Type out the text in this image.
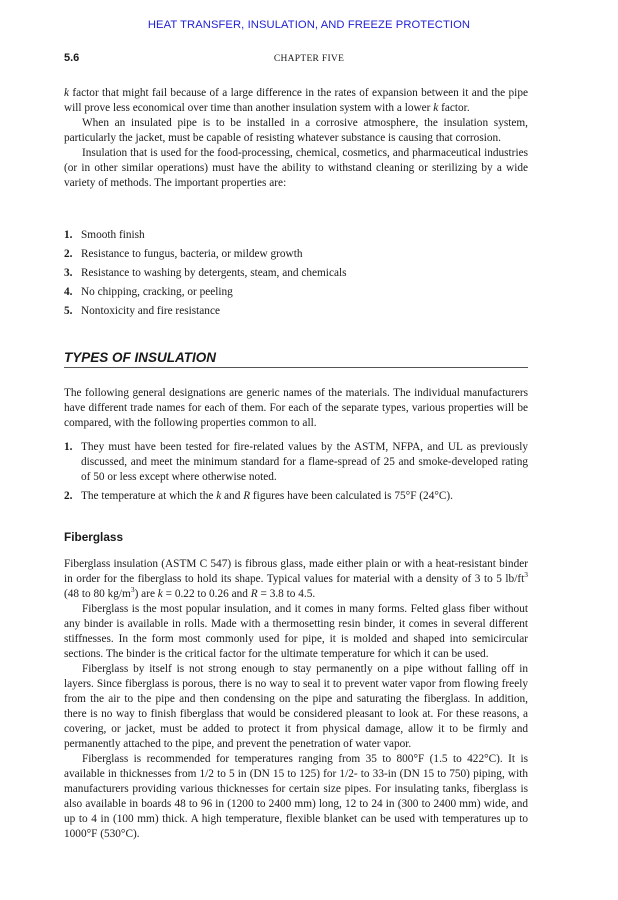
HEAT TRANSFER, INSULATION, AND FREEZE PROTECTION
5.6	CHAPTER FIVE

k factor that might fail because of a large difference in the rates of expansion between it and the pipe will prove less economical over time than another insulation system with a lower k factor.

When an insulated pipe is to be installed in a corrosive atmosphere, the insulation system, particularly the jacket, must be capable of resisting whatever substance is causing that corrosion.

Insulation that is used for the food-processing, chemical, cosmetics, and pharmaceutical industries (or in other similar operations) must have the ability to withstand cleaning or sterilizing by a wide variety of methods. The important properties are:

1. Smooth finish
2. Resistance to fungus, bacteria, or mildew growth
3. Resistance to washing by detergents, steam, and chemicals
4. No chipping, cracking, or peeling
5. Nontoxicity and fire resistance
TYPES OF INSULATION

The following general designations are generic names of the materials. The individual manufacturers have different trade names for each of them. For each of the separate types, various properties will be compared, with the following properties common to all.

1. They must have been tested for fire-related values by the ASTM, NFPA, and UL as previously discussed, and meet the minimum standard for a flame-spread of 25 and smoke-developed rating of 50 or less except where otherwise noted.
2. The temperature at which the k and R figures have been calculated is 75°F (24°C).
Fiberglass

Fiberglass insulation (ASTM C 547) is fibrous glass, made either plain or with a heat-resistant binder in order for the fiberglass to hold its shape. Typical values for material with a density of 3 to 5 $lb/ft^3$ (48 to 80 $kg/m^3$) are k = 0.22 to 0.26 and R = 3.8 to 4.5.

Fiberglass is the most popular insulation, and it comes in many forms. Felted glass fiber without any binder is available in rolls. Made with a thermosetting resin binder, it comes in several different stiffnesses. In the form most commonly used for pipe, it is molded and shaped into semicircular sections. The binder is the critical factor for the ultimate temperature for which it can be used.

Fiberglass by itself is not strong enough to stay permanently on a pipe without falling off in layers. Since fiberglass is porous, there is no way to seal it to prevent water vapor from flowing freely from the air to the pipe and then condensing on the pipe and saturating the fiberglass. In addition, there is no way to finish fiberglass that would be considered pleasant to look at. For these reasons, a covering, or jacket, must be added to protect it from physical damage, allow it to be firmly and permanently attached to the pipe, and prevent the penetration of water vapor.

Fiberglass is recommended for temperatures ranging from 35 to 800°F (1.5 to 422°C). It is available in thicknesses from 1/2 to 5 in (DN 15 to 125) for 1/2- to 33-in (DN 15 to 750) piping, with manufacturers providing various thicknesses for certain size pipes. For insulating tanks, fiberglass is also available in boards 48 to 96 in (1200 to 2400 mm) long, 12 to 24 in (300 to 2400 mm) wide, and up to 4 in (100 mm) thick. A high temperature, flexible blanket can be used with temperatures up to 1000°F (530°C).
